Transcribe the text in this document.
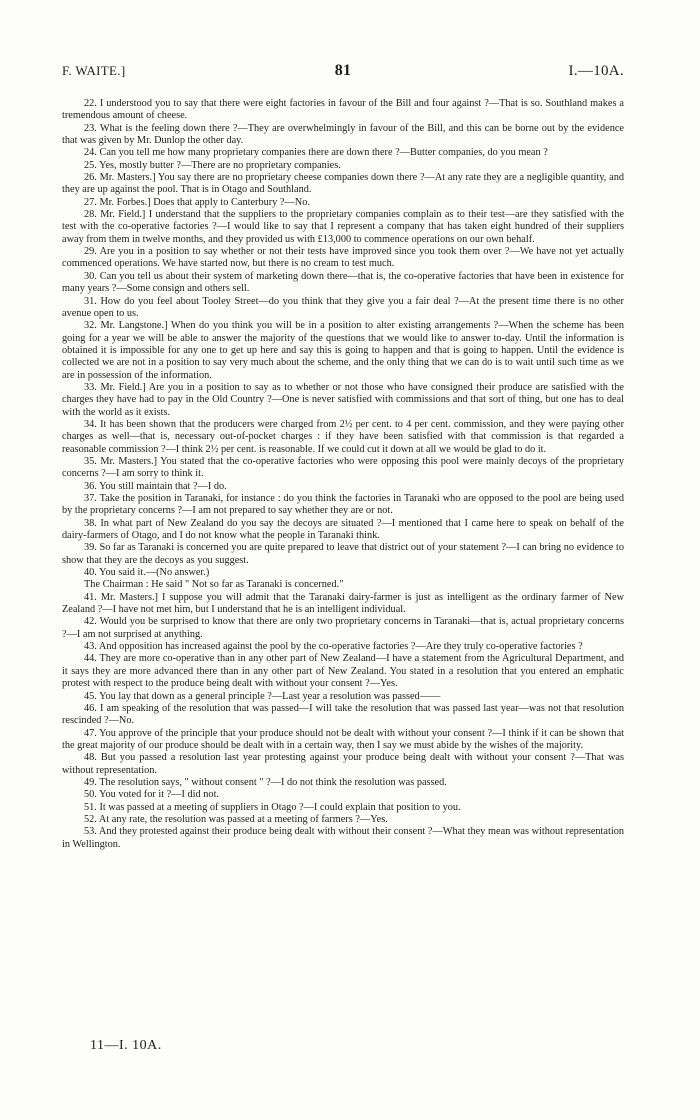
F. WAITE.]	81	I.—10A.

22. I understood you to say that there were eight factories in favour of the Bill and four against ?—That is so. Southland makes a tremendous amount of cheese.

23. What is the feeling down there ?—They are overwhelmingly in favour of the Bill, and this can be borne out by the evidence that was given by Mr. Dunlop the other day.

24. Can you tell me how many proprietary companies there are down there ?—Butter companies, do you mean ?

25. Yes, mostly butter ?—There are no proprietary companies.

26. Mr. Masters.] You say there are no proprietary cheese companies down there ?—At any rate they are a negligible quantity, and they are up against the pool. That is in Otago and Southland.

27. Mr. Forbes.] Does that apply to Canterbury ?—No.

28. Mr. Field.] I understand that the suppliers to the proprietary companies complain as to their test—are they satisfied with the test with the co-operative factories ?—I would like to say that I represent a company that has taken eight hundred of their suppliers away from them in twelve months, and they provided us with £13,000 to commence operations on our own behalf.

29. Are you in a position to say whether or not their tests have improved since you took them over ?—We have not yet actually commenced operations. We have started now, but there is no cream to test much.

30. Can you tell us about their system of marketing down there—that is, the co-operative factories that have been in existence for many years ?—Some consign and others sell.

31. How do you feel about Tooley Street—do you think that they give you a fair deal ?—At the present time there is no other avenue open to us.

32. Mr. Langstone.] When do you think you will be in a position to alter existing arrangements ?—When the scheme has been going for a year we will be able to answer the majority of the questions that we would like to answer to-day. Until the information is obtained it is impossible for any one to get up here and say this is going to happen and that is going to happen. Until the evidence is collected we are not in a position to say very much about the scheme, and the only thing that we can do is to wait until such time as we are in possession of the information.

33. Mr. Field.] Are you in a position to say as to whether or not those who have consigned their produce are satisfied with the charges they have had to pay in the Old Country ?—One is never satisfied with commissions and that sort of thing, but one has to deal with the world as it exists.

34. It has been shown that the producers were charged from 2½ per cent. to 4 per cent. commission, and they were paying other charges as well—that is, necessary out-of-pocket charges : if they have been satisfied with that commission is that regarded a reasonable commission ?—I think 2½ per cent. is reasonable. If we could cut it down at all we would be glad to do it.

35. Mr. Masters.] You stated that the co-operative factories who were opposing this pool were mainly decoys of the proprietary concerns ?—I am sorry to think it.

36. You still maintain that ?—I do.

37. Take the position in Taranaki, for instance : do you think the factories in Taranaki who are opposed to the pool are being used by the proprietary concerns ?—I am not prepared to say whether they are or not.

38. In what part of New Zealand do you say the decoys are situated ?—I mentioned that I came here to speak on behalf of the dairy-farmers of Otago, and I do not know what the people in Taranaki think.

39. So far as Taranaki is concerned you are quite prepared to leave that district out of your statement ?—I can bring no evidence to show that they are the decoys as you suggest.

40. You said it.—(No answer.)

The Chairman : He said " Not so far as Taranaki is concerned."

41. Mr. Masters.] I suppose you will admit that the Taranaki dairy-farmer is just as intelligent as the ordinary farmer of New Zealand ?—I have not met him, but I understand that he is an intelligent individual.

42. Would you be surprised to know that there are only two proprietary concerns in Taranaki—that is, actual proprietary concerns ?—I am not surprised at anything.

43. And opposition has increased against the pool by the co-operative factories ?—Are they truly co-operative factories ?

44. They are more co-operative than in any other part of New Zealand—I have a statement from the Agricultural Department, and it says they are more advanced there than in any other part of New Zealand. You stated in a resolution that you entered an emphatic protest with respect to the produce being dealt with without your consent ?—Yes.

45. You lay that down as a general principle ?—Last year a resolution was passed——

46. I am speaking of the resolution that was passed—I will take the resolution that was passed last year—was not that resolution rescinded ?—No.

47. You approve of the principle that your produce should not be dealt with without your consent ?—I think if it can be shown that the great majority of our produce should be dealt with in a certain way, then I say we must abide by the wishes of the majority.

48. But you passed a resolution last year protesting against your produce being dealt with without your consent ?—That was without representation.

49. The resolution says, " without consent " ?—I do not think the resolution was passed.

50. You voted for it ?—I did not.

51. It was passed at a meeting of suppliers in Otago ?—I could explain that position to you.

52. At any rate, the resolution was passed at a meeting of farmers ?—Yes.

53. And they protested against their produce being dealt with without their consent ?—What they mean was without representation in Wellington.

11—I. 10A.
